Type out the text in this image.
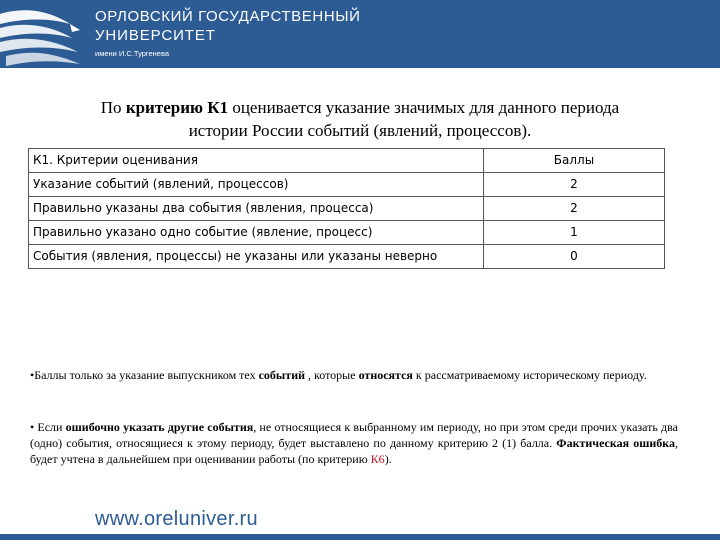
ОРЛОВСКИЙ ГОСУДАРСТВЕННЫЙ
УНИВЕРСИТЕТ
имени И.С.Тургенева
По критерию К1 оценивается указание значимых для данного периода
истории России событий (явлений, процессов).
К1. Критерии оценивания	Баллы
Указание событий (явлений, процессов)	2
Правильно указаны два события (явления, процесса)	2
Правильно указано одно событие (явление, процесс)	1
События (явления, процессы) не указаны или указаны неверно	0
•Баллы только за указание выпускником тех событий , которые относятся к рассматриваемому историческому периоду.
• Если ошибочно указать другие события, не относящиеся к выбранному им периоду, но при этом среди прочих указать два (одно) события, относящиеся к этому периоду, будет выставлено по данному критерию 2 (1) балла. Фактическая ошибка, будет учтена в дальнейшем при оценивании работы (по критерию К6).
www.oreluniver.ru
